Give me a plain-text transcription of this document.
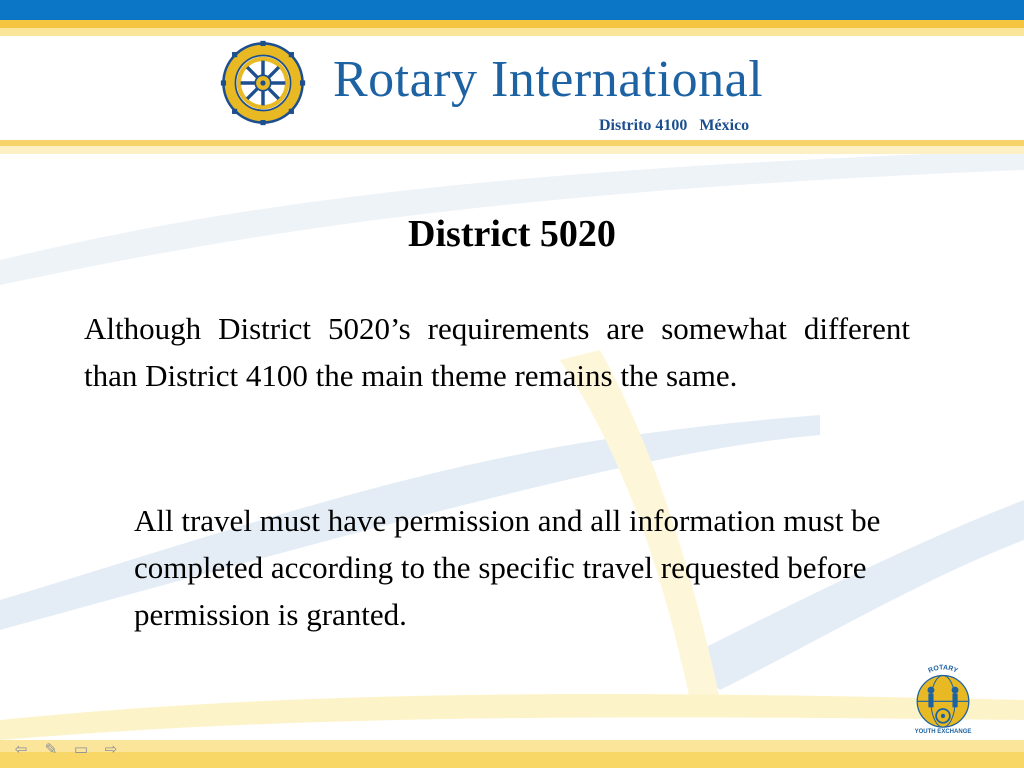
Rotary International
Distrito 4100   México
District 5020

Although District 5020’s requirements are somewhat different than District 4100 the main theme remains the same.

All travel must have permission and all information must be completed according to the specific travel requested before permission is granted.

ROTARY
YOUTH EXCHANGE
⇦	✎	▭	⇨
